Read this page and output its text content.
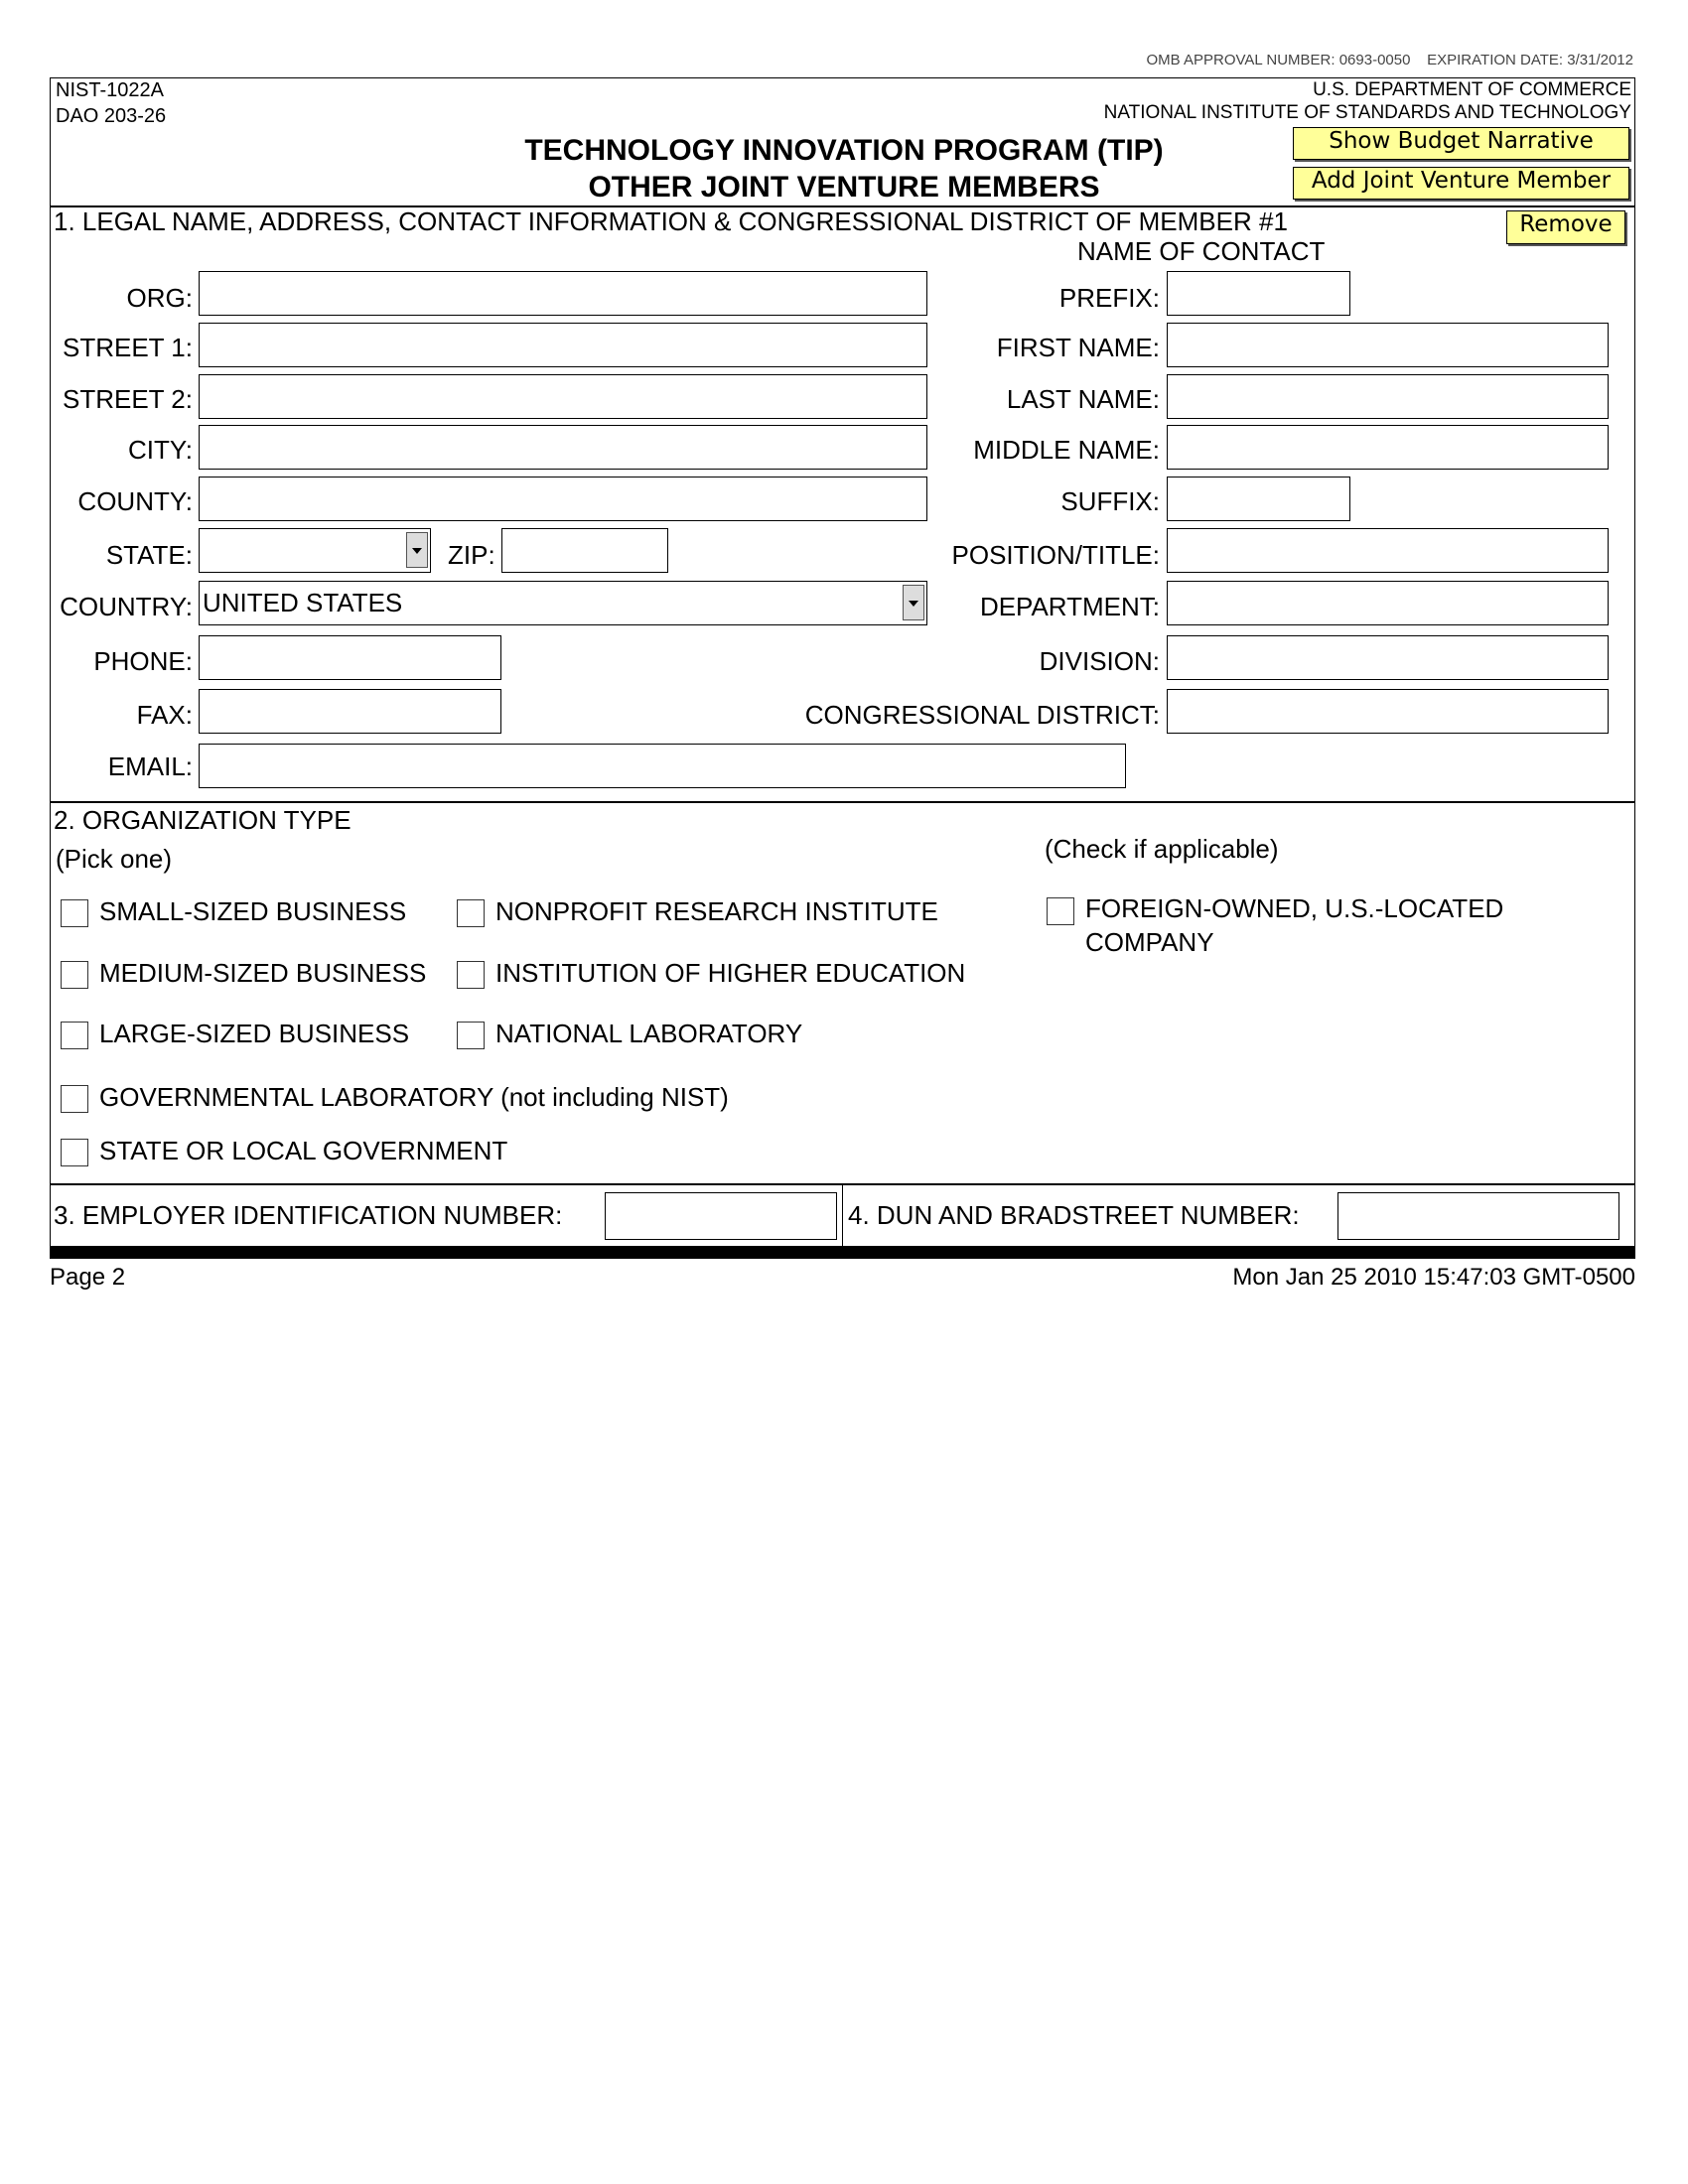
OMB APPROVAL NUMBER: 0693-0050 EXPIRATION DATE: 3/31/2012
NIST-1022A
DAO 203-26
U.S. DEPARTMENT OF COMMERCE
NATIONAL INSTITUTE OF STANDARDS AND TECHNOLOGY
TECHNOLOGY INNOVATION PROGRAM (TIP)
OTHER JOINT VENTURE MEMBERS
Show Budget Narrative
Add Joint Venture Member
1. LEGAL NAME, ADDRESS, CONTACT INFORMATION & CONGRESSIONAL DISTRICT OF MEMBER #1	Remove
NAME OF CONTACT
ORG:
STREET 1:
STREET 2:
CITY:
COUNTY:
STATE:	ZIP:
COUNTRY: UNITED STATES
PHONE:
FAX:
EMAIL:
PREFIX:
FIRST NAME:
LAST NAME:
MIDDLE NAME:
SUFFIX:
POSITION/TITLE:
DEPARTMENT:
DIVISION:
CONGRESSIONAL DISTRICT:
2. ORGANIZATION TYPE
(Pick one)	(Check if applicable)
SMALL-SIZED BUSINESS	NONPROFIT RESEARCH INSTITUTE
MEDIUM-SIZED BUSINESS	INSTITUTION OF HIGHER EDUCATION
LARGE-SIZED BUSINESS	NATIONAL LABORATORY
GOVERNMENTAL LABORATORY (not including NIST)
STATE OR LOCAL GOVERNMENT
FOREIGN-OWNED, U.S.-LOCATED
COMPANY
3. EMPLOYER IDENTIFICATION NUMBER:	4. DUN AND BRADSTREET NUMBER:
Page 2	Mon Jan 25 2010 15:47:03 GMT-0500
